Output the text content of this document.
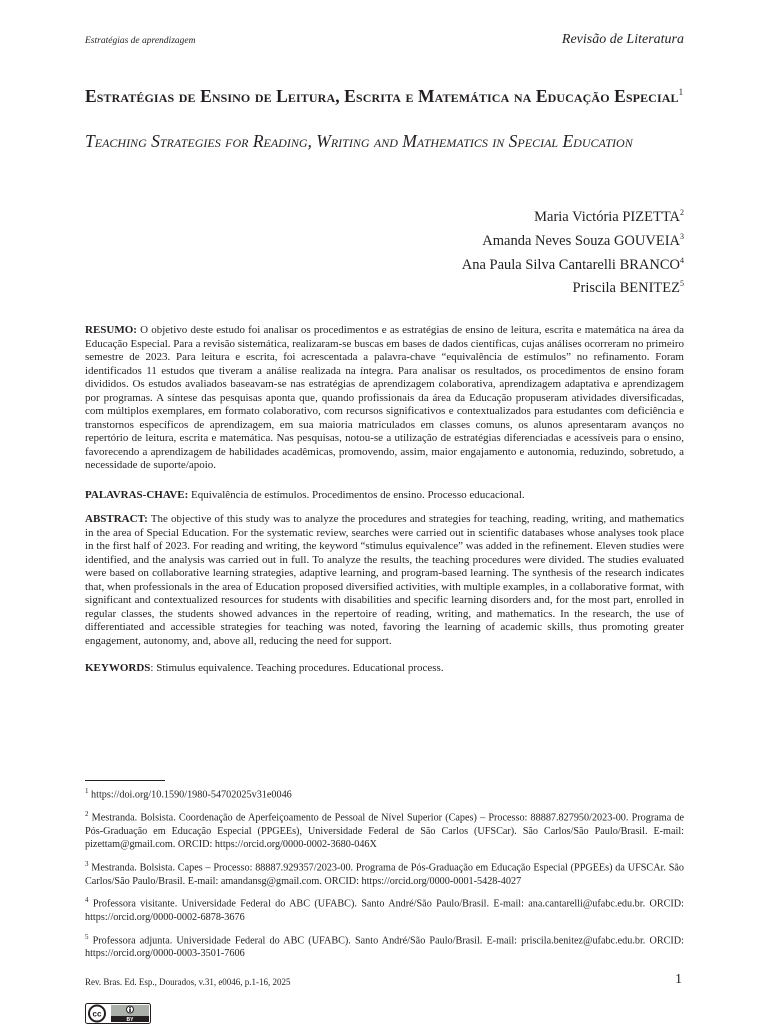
Estratégias de aprendizagem	Revisão de Literatura
Estratégias de Ensino de Leitura, Escrita e Matemática na Educação Especial$^1$
Teaching Strategies for Reading, Writing and Mathematics in Special Education
Maria Victória PIZETTA$^2$
Amanda Neves Souza GOUVEIA$^3$
Ana Paula Silva Cantarelli BRANCO$^4$
Priscila BENITEZ$^5$
RESUMO: O objetivo deste estudo foi analisar os procedimentos e as estratégias de ensino de leitura, escrita e matemática na área da Educação Especial. Para a revisão sistemática, realizaram-se buscas em bases de dados científicas, cujas análises ocorreram no primeiro semestre de 2023. Para leitura e escrita, foi acrescentada a palavra-chave “equivalência de estímulos” no refinamento. Foram identificados 11 estudos que tiveram a análise realizada na íntegra. Para analisar os resultados, os procedimentos de ensino foram divididos. Os estudos avaliados baseavam-se nas estratégias de aprendizagem colaborativa, aprendizagem adaptativa e aprendizagem por programas. A síntese das pesquisas aponta que, quando profissionais da área da Educação propuseram atividades diversificadas, com múltiplos exemplares, em formato colaborativo, com recursos significativos e contextualizados para estudantes com deficiência e transtornos específicos de aprendizagem, em sua maioria matriculados em classes comuns, os alunos apresentaram avanços no repertório de leitura, escrita e matemática. Nas pesquisas, notou-se a utilização de estratégias diferenciadas e acessíveis para o ensino, favorecendo a aprendizagem de habilidades acadêmicas, promovendo, assim, maior engajamento e autonomia, reduzindo, sobretudo, a necessidade de suporte/apoio.
PALAVRAS-CHAVE: Equivalência de estímulos. Procedimentos de ensino. Processo educacional.
ABSTRACT: The objective of this study was to analyze the procedures and strategies for teaching, reading, writing, and mathematics in the area of Special Education. For the systematic review, searches were carried out in scientific databases whose analyses took place in the first half of 2023. For reading and writing, the keyword “stimulus equivalence” was added in the refinement. Eleven studies were identified, and the analysis was carried out in full. To analyze the results, the teaching procedures were divided. The studies evaluated were based on collaborative learning strategies, adaptive learning, and program-based learning. The synthesis of the research indicates that, when professionals in the area of Education proposed diversified activities, with multiple examples, in a collaborative format, with significant and contextualized resources for students with disabilities and specific learning disorders and, for the most part, enrolled in regular classes, the students showed advances in the repertoire of reading, writing, and mathematics. In the research, the use of differentiated and accessible strategies for teaching was noted, favoring the learning of academic skills, thus promoting greater engagement, autonomy, and, above all, reducing the need for support.
KEYWORDS: Stimulus equivalence. Teaching procedures. Educational process.
$^1$ https://doi.org/10.1590/1980-54702025v31e0046
$^2$ Mestranda. Bolsista. Coordenação de Aperfeiçoamento de Pessoal de Nível Superior (Capes) – Processo: 88887.827950/2023-00. Programa de Pós-Graduação em Educação Especial (PPGEEs), Universidade Federal de São Carlos (UFSCar). São Carlos/São Paulo/Brasil. E-mail: pizettam@gmail.com. ORCID: https://orcid.org/0000-0002-3680-046X
$^3$ Mestranda. Bolsista. Capes – Processo: 88887.929357/2023-00. Programa de Pós-Graduação em Educação Especial (PPGEEs) da UFSCAr. São Carlos/São Paulo/Brasil. E-mail: amandansg@gmail.com. ORCID: https://orcid.org/0000-0001-5428-4027
$^4$ Professora visitante. Universidade Federal do ABC (UFABC). Santo André/São Paulo/Brasil. E-mail: ana.cantarelli@ufabc.edu.br. ORCID: https://orcid.org/0000-0002-6878-3676
$^5$ Professora adjunta. Universidade Federal do ABC (UFABC). Santo André/São Paulo/Brasil. E-mail: priscila.benitez@ufabc.edu.br. ORCID: https://orcid.org/0000-0003-3501-7606
Rev. Bras. Ed. Esp., Dourados, v.31, e0046, p.1-16, 2025	1
cc
BY
